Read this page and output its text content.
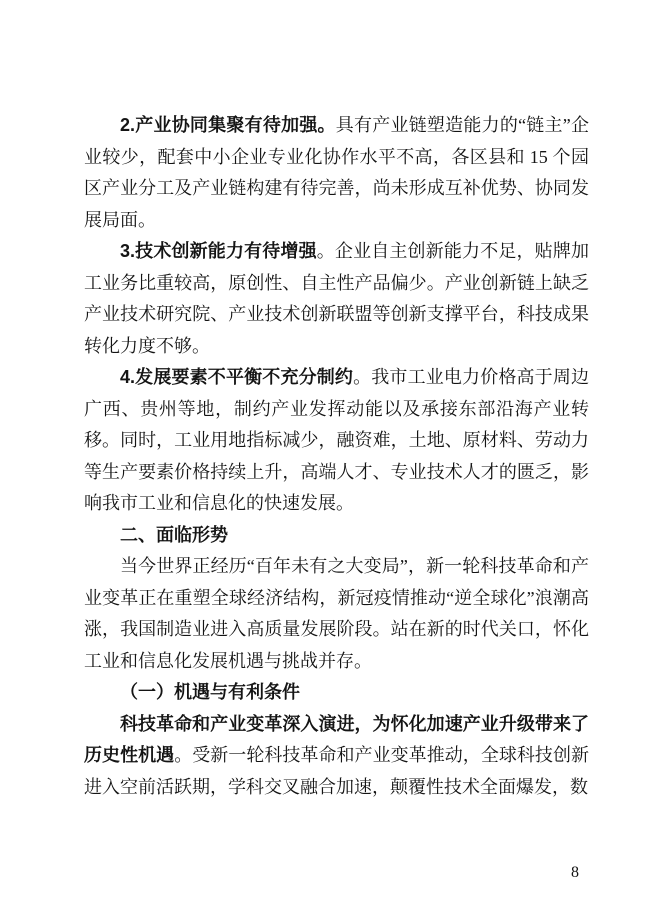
2.产业协同集聚有待加强。具有产业链塑造能力的“链主”企业较少，配套中小企业专业化协作水平不高，各区县和 15 个园区产业分工及产业链构建有待完善，尚未形成互补优势、协同发展局面。

3.技术创新能力有待增强。企业自主创新能力不足，贴牌加工业务比重较高，原创性、自主性产品偏少。产业创新链上缺乏产业技术研究院、产业技术创新联盟等创新支撑平台，科技成果转化力度不够。

4.发展要素不平衡不充分制约。我市工业电力价格高于周边广西、贵州等地，制约产业发挥动能以及承接东部沿海产业转移。同时，工业用地指标减少，融资难，土地、原材料、劳动力等生产要素价格持续上升，高端人才、专业技术人才的匮乏，影响我市工业和信息化的快速发展。

二、面临形势

当今世界正经历“百年未有之大变局”，新一轮科技革命和产业变革正在重塑全球经济结构，新冠疫情推动“逆全球化”浪潮高涨，我国制造业进入高质量发展阶段。站在新的时代关口，怀化工业和信息化发展机遇与挑战并存。

（一）机遇与有利条件

科技革命和产业变革深入演进，为怀化加速产业升级带来了历史性机遇。受新一轮科技革命和产业变革推动，全球科技创新进入空前活跃期，学科交叉融合加速，颠覆性技术全面爆发，数

8
